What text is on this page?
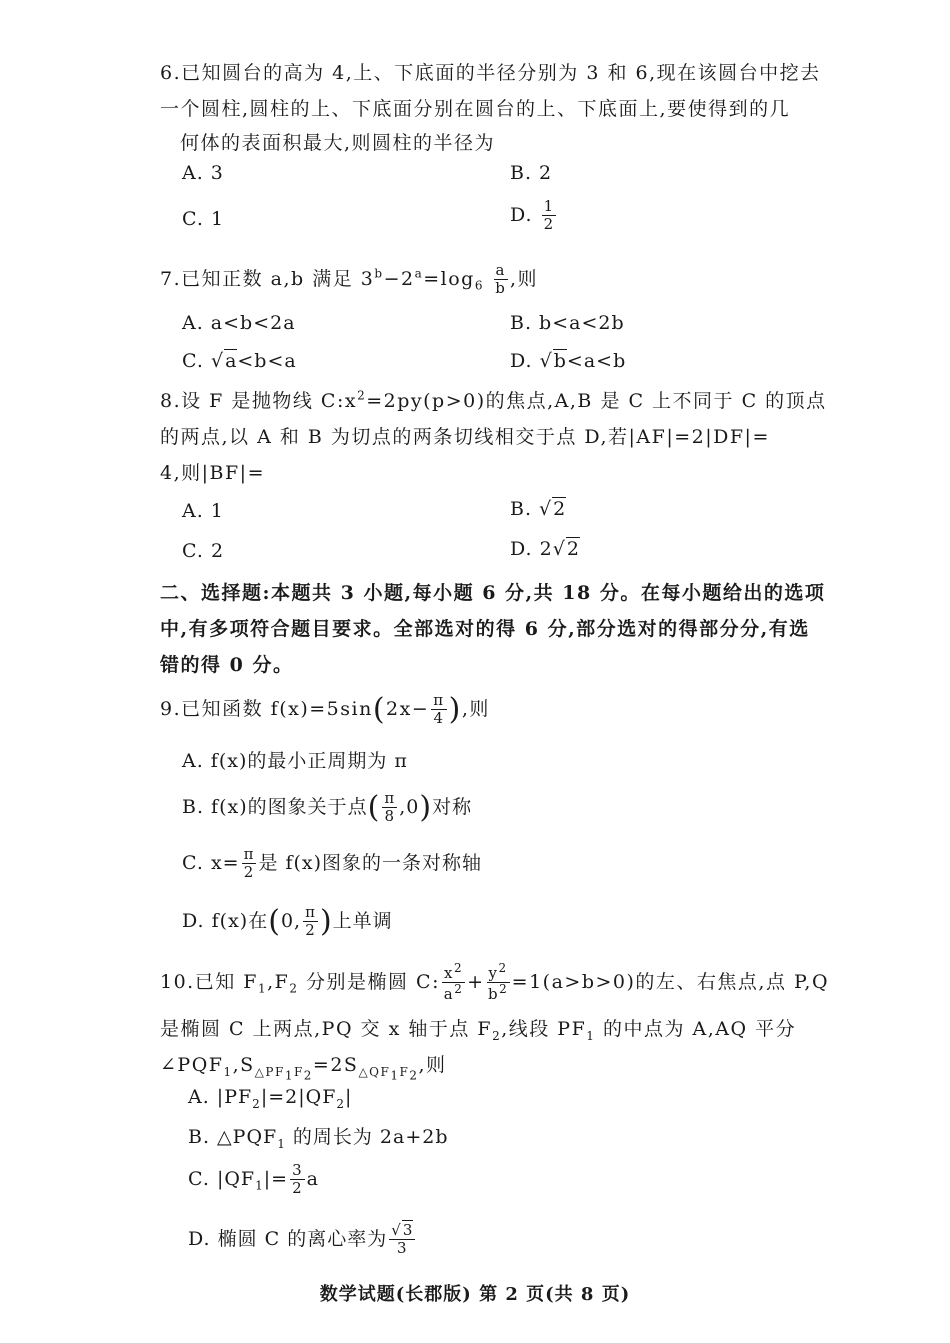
6.已知圆台的高为 4,上、下底面的半径分别为 3 和 6,现在该圆台中挖去
一个圆柱,圆柱的上、下底面分别在圆台的上、下底面上,要使得到的几
何体的表面积最大,则圆柱的半径为
A. 3	B. 2
C. 1	D. $\frac{1}{2}$
7.已知正数 a,b 满足 $3^b-2^a=\log_6 \frac{a}{b}$ ,则
A. a<b<2a	B. b<a<2b
C. √a<b<a	D. √b<a<b
8.设 F 是抛物线 $C:x^2=2py(p>0)$的焦点,A,B 是 C 上不同于 C 的顶点
的两点,以 A 和 B 为切点的两条切线相交于点 D,若|AF|=2|DF|=
4,则|BF|=
A. 1	B. √2
C. 2	D. 2√2
二、选择题:本题共 3 小题,每小题 6 分,共 18 分。在每小题给出的选项
中,有多项符合题目要求。全部选对的得 6 分,部分选对的得部分分,有选
错的得 0 分。
9.已知函数 $f(x)=5\sin(2x- \frac{\pi}{4}$ ),则
A. f(x)的最小正周期为 π
B. f(x)的图象关于点( $\frac{\pi}{8} ,0$)对称
C. $x= \frac{\pi}{2}$ 是 f(x)图象的一条对称轴
D. f(x)在(0, $\frac{\pi}{2}$ )上单调
10.已知 $F_1,F_2$ 分别是椭圆 C: $\frac{x^2}{a^2} + \frac{y^2}{b^2} =1(a>b>0)$的左、右焦点,点 P,Q
是椭圆 C 上两点,PQ 交 x 轴于点 $F_2$,线段 $PF_1$ 的中点为 A,AQ 平分
$\angle PQF_1,S_{\triangle PF_1F_2}=2S_{\triangle QF_1F_2}$,则
A. $|PF_2|=2|QF_2|$
B. $\triangle PQF_1$ 的周长为 2a+2b
C. $|QF_1|= \frac{3}{2}$ a
D. 椭圆 C 的离心率为 $\frac{√3}{3}$
数学试题(长郡版) 第 2 页(共 8 页)
